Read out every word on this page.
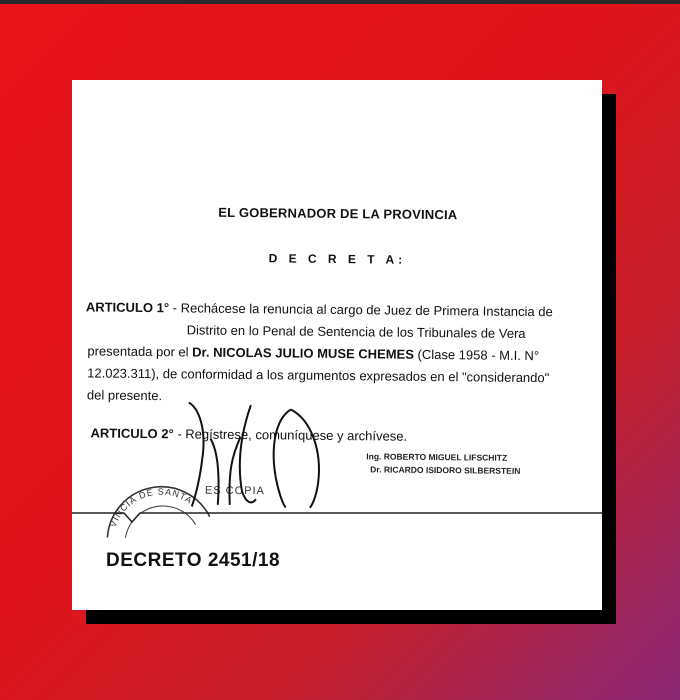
EL GOBERNADOR DE LA PROVINCIA
D E C R E T A:
ARTICULO 1° - Rechácese la renuncia al cargo de Juez de Primera Instancia de
Distrito en lo Penal de Sentencia de los Tribunales de Vera
presentada por el Dr. NICOLAS JULIO MUSE CHEMES (Clase 1958 - M.I. N°
12.023.311), de conformidad a los argumentos expresados en el "considerando"
del presente.
ARTICULO 2° - Regístrese, comuníquese y archívese.
Ing. ROBERTO MIGUEL LIFSCHITZ
Dr. RICARDO ISIDORO SILBERSTEIN
VINCIA DE SANTA
ES COPIA
DECRETO 2451/18
